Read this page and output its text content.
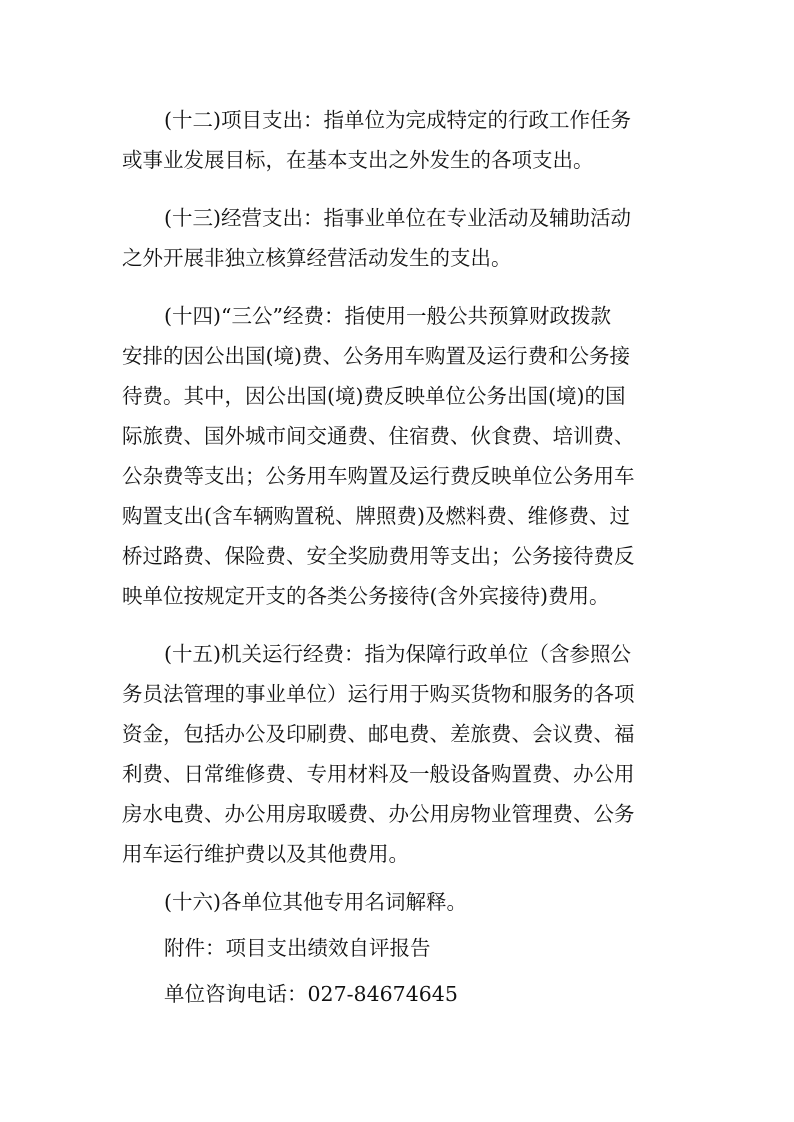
(十二)项目支出：指单位为完成特定的行政工作任务

或事业发展目标，在基本支出之外发生的各项支出。

(十三)经营支出：指事业单位在专业活动及辅助活动

之外开展非独立核算经营活动发生的支出。

(十四)“三公”经费：指使用一般公共预算财政拨款

安排的因公出国(境)费、公务用车购置及运行费和公务接

待费。其中，因公出国(境)费反映单位公务出国(境)的国

际旅费、国外城市间交通费、住宿费、伙食费、培训费、

公杂费等支出；公务用车购置及运行费反映单位公务用车

购置支出(含车辆购置税、牌照费)及燃料费、维修费、过

桥过路费、保险费、安全奖励费用等支出；公务接待费反

映单位按规定开支的各类公务接待(含外宾接待)费用。

(十五)机关运行经费：指为保障行政单位（含参照公

务员法管理的事业单位）运行用于购买货物和服务的各项

资金，包括办公及印刷费、邮电费、差旅费、会议费、福

利费、日常维修费、专用材料及一般设备购置费、办公用

房水电费、办公用房取暖费、办公用房物业管理费、公务

用车运行维护费以及其他费用。

(十六)各单位其他专用名词解释。

附件：项目支出绩效自评报告

单位咨询电话：027-84674645
